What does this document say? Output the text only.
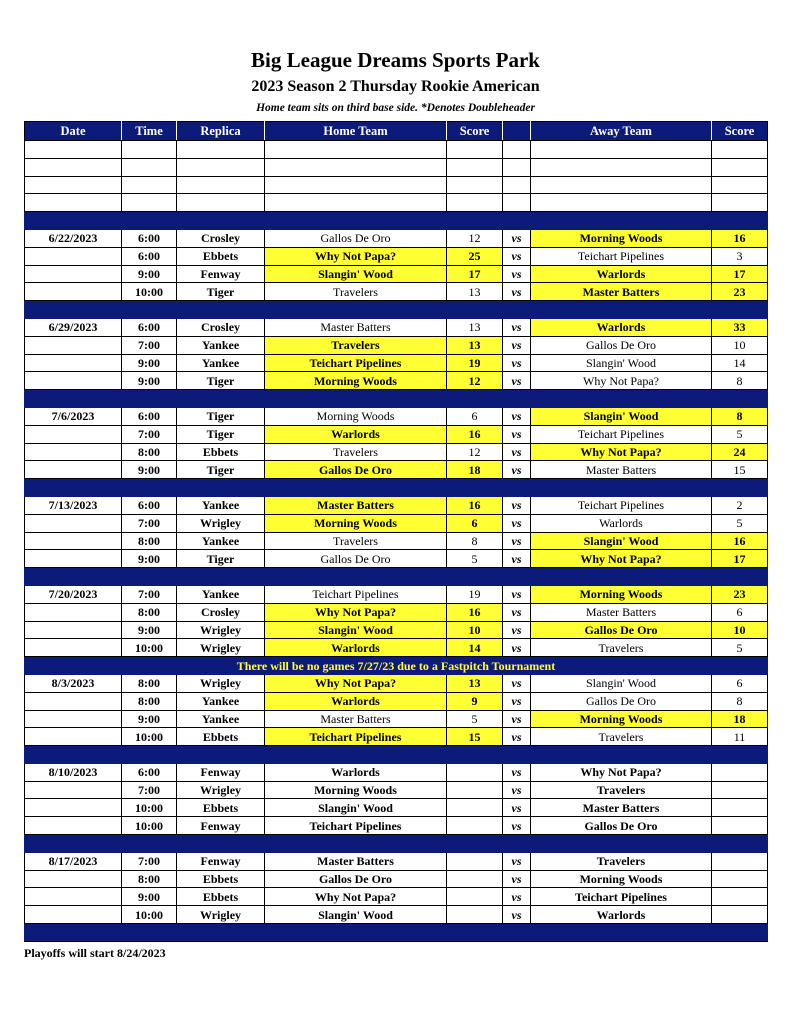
Big League Dreams Sports Park
2023 Season 2 Thursday Rookie American
Home team sits on third base side. *Denotes Doubleheader
Date	Time	Replica	Home Team	Score		Away Team	Score

6/22/2023	6:00	Crosley	Gallos De Oro	12	vs	Morning Woods	16
	6:00	Ebbets	Why Not Papa?	25	vs	Teichart Pipelines	3
	9:00	Fenway	Slangin' Wood	17	vs	Warlords	17
	10:00	Tiger	Travelers	13	vs	Master Batters	23

6/29/2023	6:00	Crosley	Master Batters	13	vs	Warlords	33
	7:00	Yankee	Travelers	13	vs	Gallos De Oro	10
	9:00	Yankee	Teichart Pipelines	19	vs	Slangin' Wood	14
	9:00	Tiger	Morning Woods	12	vs	Why Not Papa?	8

7/6/2023	6:00	Tiger	Morning Woods	6	vs	Slangin' Wood	8
	7:00	Tiger	Warlords	16	vs	Teichart Pipelines	5
	8:00	Ebbets	Travelers	12	vs	Why Not Papa?	24
	9:00	Tiger	Gallos De Oro	18	vs	Master Batters	15

7/13/2023	6:00	Yankee	Master Batters	16	vs	Teichart Pipelines	2
	7:00	Wrigley	Morning Woods	6	vs	Warlords	5
	8:00	Yankee	Travelers	8	vs	Slangin' Wood	16
	9:00	Tiger	Gallos De Oro	5	vs	Why Not Papa?	17

7/20/2023	7:00	Yankee	Teichart Pipelines	19	vs	Morning Woods	23
	8:00	Crosley	Why Not Papa?	16	vs	Master Batters	6
	9:00	Wrigley	Slangin' Wood	10	vs	Gallos De Oro	10
	10:00	Wrigley	Warlords	14	vs	Travelers	5
There will be no games 7/27/23 due to a Fastpitch Tournament							
8/3/2023	8:00	Wrigley	Why Not Papa?	13	vs	Slangin' Wood	6
	8:00	Yankee	Warlords	9	vs	Gallos De Oro	8
	9:00	Yankee	Master Batters	5	vs	Morning Woods	18
	10:00	Ebbets	Teichart Pipelines	15	vs	Travelers	11

8/10/2023	6:00	Fenway	Warlords		vs	Why Not Papa?	
	7:00	Wrigley	Morning Woods		vs	Travelers	
	10:00	Ebbets	Slangin' Wood		vs	Master Batters	
	10:00	Fenway	Teichart Pipelines		vs	Gallos De Oro	

8/17/2023	7:00	Fenway	Master Batters		vs	Travelers	
	8:00	Ebbets	Gallos De Oro		vs	Morning Woods	
	9:00	Ebbets	Why Not Papa?		vs	Teichart Pipelines	
	10:00	Wrigley	Slangin' Wood		vs	Warlords	

Playoffs will start 8/24/2023
